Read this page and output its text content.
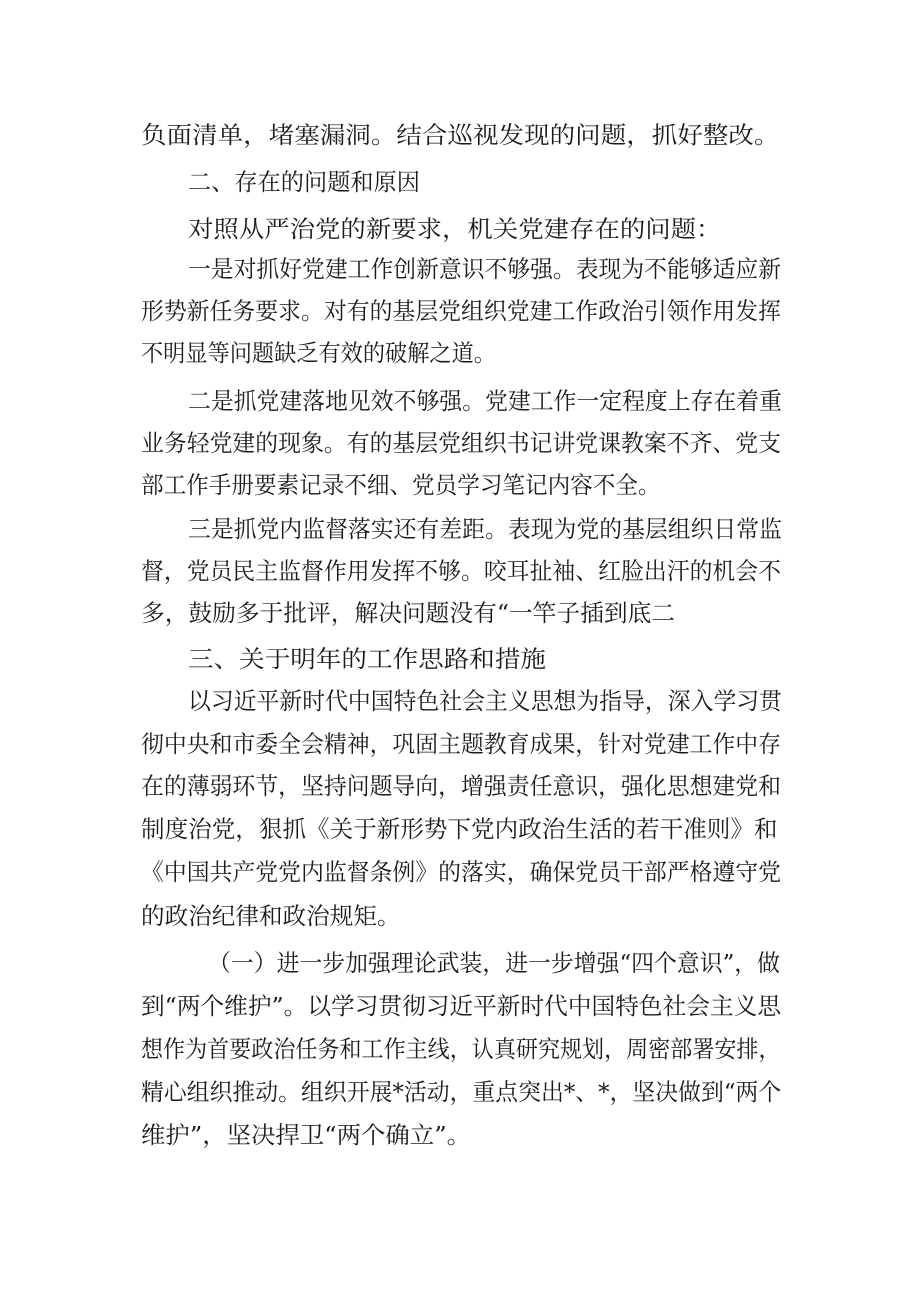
负面清单，堵塞漏洞。结合巡视发现的问题，抓好整改。

二、存在的问题和原因

对照从严治党的新要求，机关党建存在的问题：

一是对抓好党建工作创新意识不够强。表现为不能够适应新

形势新任务要求。对有的基层党组织党建工作政治引领作用发挥

不明显等问题缺乏有效的破解之道。

二是抓党建落地见效不够强。党建工作一定程度上存在着重

业务轻党建的现象。有的基层党组织书记讲党课教案不齐、党支

部工作手册要素记录不细、党员学习笔记内容不全。

三是抓党内监督落实还有差距。表现为党的基层组织日常监

督，党员民主监督作用发挥不够。咬耳扯袖、红脸出汗的机会不

多，鼓励多于批评，解决问题没有“一竿子插到底二

三、关于明年的工作思路和措施

以习近平新时代中国特色社会主义思想为指导，深入学习贯

彻中央和市委全会精神，巩固主题教育成果，针对党建工作中存

在的薄弱环节，坚持问题导向，增强责任意识，强化思想建党和

制度治党，狠抓《关于新形势下党内政治生活的若干准则》和

《中国共产党党内监督条例》的落实，确保党员干部严格遵守党

的政治纪律和政治规矩。

（一）进一步加强理论武装，进一步增强“四个意识”，做

到“两个维护”。以学习贯彻习近平新时代中国特色社会主义思

想作为首要政治任务和工作主线，认真研究规划，周密部署安排，

精心组织推动。组织开展*活动，重点突出*、*，坚决做到“两个

维护”，坚决捍卫“两个确立”。
